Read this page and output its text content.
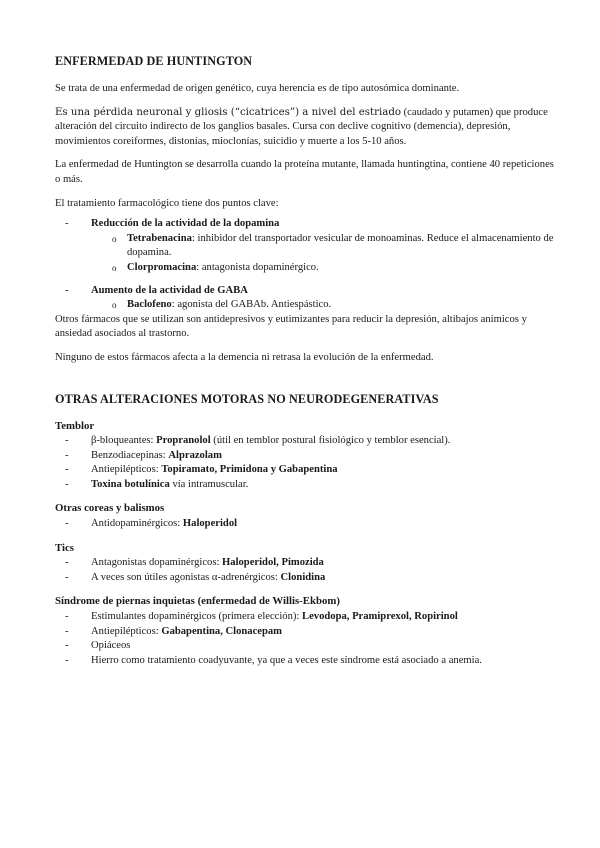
ENFERMEDAD DE HUNTINGTON

Se trata de una enfermedad de origen genético, cuya herencia es de tipo autosómica dominante.

Es una pérdida neuronal y gliosis (“cicatrices”) a nivel del estriado (caudado y putamen) que produce alteración del circuito indirecto de los ganglios basales. Cursa con declive cognitivo (demencia), depresión, movimientos coreiformes, distonías, mioclonías, suicidio y muerte a los 5-10 años.

La enfermedad de Huntington se desarrolla cuando la proteína mutante, llamada huntingtina, contiene 40 repeticiones o más.

El tratamiento farmacológico tiene dos puntos clave:

- Reducción de la actividad de la dopamina
o Tetrabenacina: inhibidor del transportador vesicular de monoaminas. Reduce el almacenamiento de dopamina.
o Clorpromacina: antagonista dopaminérgico.
- Aumento de la actividad de GABA
o Baclofeno: agonista del GABAb. Antiespástico.

Otros fármacos que se utilizan son antidepresivos y eutimizantes para reducir la depresión, altibajos anímicos y ansiedad asociados al trastorno.

Ninguno de estos fármacos afecta a la demencia ni retrasa la evolución de la enfermedad.

OTRAS ALTERACIONES MOTORAS NO NEURODEGENERATIVAS
Temblor
- β-bloqueantes: Propranolol (útil en temblor postural fisiológico y temblor esencial).
- Benzodiacepinas: Alprazolam
- Antiepilépticos: Topiramato, Primidona y Gabapentina
- Toxina botulínica vía intramuscular.
Otras coreas y balismos
- Antidopaminérgicos: Haloperidol
Tics
- Antagonistas dopaminérgicos: Haloperidol, Pimozida
- A veces son útiles agonistas α-adrenérgicos: Clonidina
Síndrome de piernas inquietas (enfermedad de Willis-Ekbom)
- Estimulantes dopaminérgicos (primera elección): Levodopa, Pramiprexol, Ropirinol
- Antiepilépticos: Gabapentina, Clonacepam
- Opiáceos
- Hierro como tratamiento coadyuvante, ya que a veces este síndrome está asociado a anemia.
